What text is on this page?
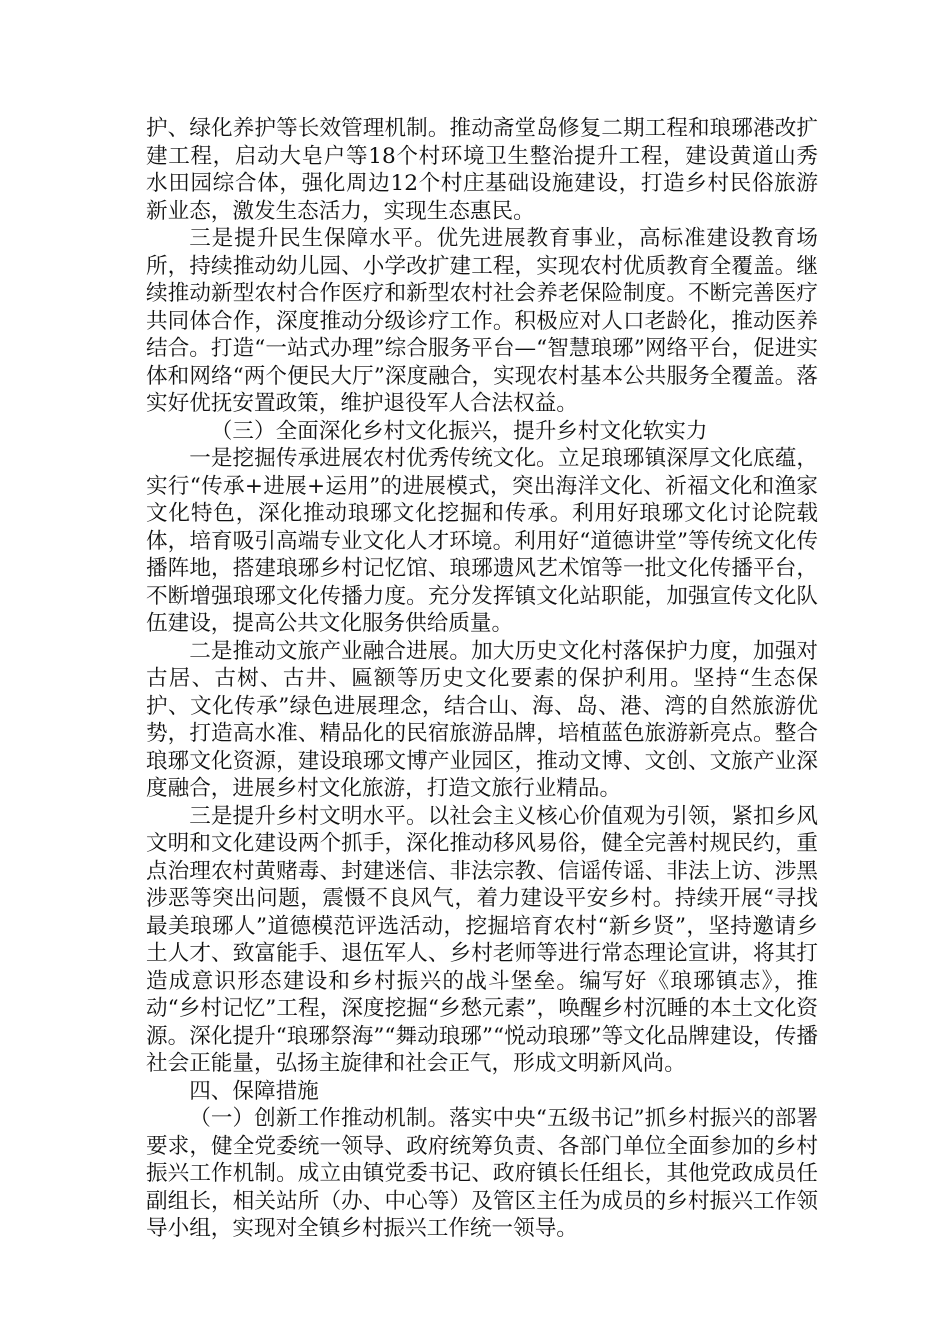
护、绿化养护等长效管理机制。推动斋堂岛修复二期工程和琅琊港改扩建工程，启动大皂户等18个村环境卫生整治提升工程，建设黄道山秀水田园综合体，强化周边12个村庄基础设施建设，打造乡村民俗旅游新业态，激发生态活力，实现生态惠民。

三是提升民生保障水平。优先进展教育事业，高标准建设教育场所，持续推动幼儿园、小学改扩建工程，实现农村优质教育全覆盖。继续推动新型农村合作医疗和新型农村社会养老保险制度。不断完善医疗共同体合作，深度推动分级诊疗工作。积极应对人口老龄化，推动医养结合。打造“一站式办理”综合服务平台—“智慧琅琊”网络平台，促进实体和网络“两个便民大厅”深度融合，实现农村基本公共服务全覆盖。落实好优抚安置政策，维护退役军人合法权益。

（三）全面深化乡村文化振兴，提升乡村文化软实力

一是挖掘传承进展农村优秀传统文化。立足琅琊镇深厚文化底蕴，实行“传承+进展+运用”的进展模式，突出海洋文化、祈福文化和渔家文化特色，深化推动琅琊文化挖掘和传承。利用好琅琊文化讨论院载体，培育吸引高端专业文化人才环境。利用好“道德讲堂”等传统文化传播阵地，搭建琅琊乡村记忆馆、琅琊遗风艺术馆等一批文化传播平台，不断增强琅琊文化传播力度。充分发挥镇文化站职能，加强宣传文化队伍建设，提高公共文化服务供给质量。

二是推动文旅产业融合进展。加大历史文化村落保护力度，加强对古居、古树、古井、匾额等历史文化要素的保护利用。坚持“生态保护、文化传承”绿色进展理念，结合山、海、岛、港、湾的自然旅游优势，打造高水准、精品化的民宿旅游品牌，培植蓝色旅游新亮点。整合琅琊文化资源，建设琅琊文博产业园区，推动文博、文创、文旅产业深度融合，进展乡村文化旅游，打造文旅行业精品。

三是提升乡村文明水平。以社会主义核心价值观为引领，紧扣乡风文明和文化建设两个抓手，深化推动移风易俗，健全完善村规民约，重点治理农村黄赌毒、封建迷信、非法宗教、信谣传谣、非法上访、涉黑涉恶等突出问题，震慑不良风气，着力建设平安乡村。持续开展“寻找最美琅琊人”道德模范评选活动，挖掘培育农村“新乡贤”，坚持邀请乡土人才、致富能手、退伍军人、乡村老师等进行常态理论宣讲，将其打造成意识形态建设和乡村振兴的战斗堡垒。编写好《琅琊镇志》，推动“乡村记忆”工程，深度挖掘“乡愁元素”，唤醒乡村沉睡的本土文化资源。深化提升“琅琊祭海”“舞动琅琊”“悦动琅琊”等文化品牌建设，传播社会正能量，弘扬主旋律和社会正气，形成文明新风尚。

四、保障措施

（一）创新工作推动机制。落实中央“五级书记”抓乡村振兴的部署要求，健全党委统一领导、政府统筹负责、各部门单位全面参加的乡村振兴工作机制。成立由镇党委书记、政府镇长任组长，其他党政成员任副组长，相关站所（办、中心等）及管区主任为成员的乡村振兴工作领导小组，实现对全镇乡村振兴工作统一领导。
